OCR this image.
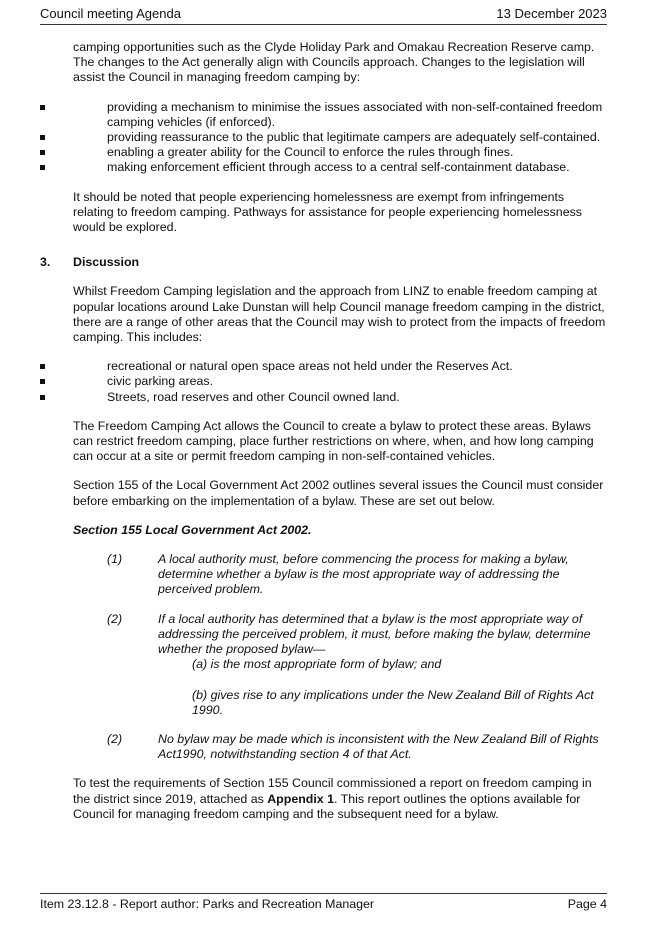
Council meeting Agenda	13 December 2023

camping opportunities such as the Clyde Holiday Park and Omakau Recreation Reserve camp. The changes to the Act generally align with Councils approach. Changes to the legislation will assist the Council in managing freedom camping by:

providing a mechanism to minimise the issues associated with non-self-contained freedom camping vehicles (if enforced).
providing reassurance to the public that legitimate campers are adequately self-contained.
enabling a greater ability for the Council to enforce the rules through fines.
making enforcement efficient through access to a central self-containment database.

It should be noted that people experiencing homelessness are exempt from infringements relating to freedom camping. Pathways for assistance for people experiencing homelessness would be explored.

3. Discussion

Whilst Freedom Camping legislation and the approach from LINZ to enable freedom camping at popular locations around Lake Dunstan will help Council manage freedom camping in the district, there are a range of other areas that the Council may wish to protect from the impacts of freedom camping. This includes:

recreational or natural open space areas not held under the Reserves Act.
civic parking areas.
Streets, road reserves and other Council owned land.

The Freedom Camping Act allows the Council to create a bylaw to protect these areas. Bylaws can restrict freedom camping, place further restrictions on where, when, and how long camping can occur at a site or permit freedom camping in non-self-contained vehicles.

Section 155 of the Local Government Act 2002 outlines several issues the Council must consider before embarking on the implementation of a bylaw. These are set out below.

Section 155 Local Government Act 2002.

(1)	A local authority must, before commencing the process for making a bylaw, determine whether a bylaw is the most appropriate way of addressing the perceived problem.
(2)	If a local authority has determined that a bylaw is the most appropriate way of addressing the perceived problem, it must, before making the bylaw, determine whether the proposed bylaw—
(a) is the most appropriate form of bylaw; and
(b) gives rise to any implications under the New Zealand Bill of Rights Act 1990.
(2)	No bylaw may be made which is inconsistent with the New Zealand Bill of Rights Act1990, notwithstanding section 4 of that Act.

To test the requirements of Section 155 Council commissioned a report on freedom camping in the district since 2019, attached as Appendix 1. This report outlines the options available for Council for managing freedom camping and the subsequent need for a bylaw.

Item 23.12.8 - Report author: Parks and Recreation Manager	Page 4
